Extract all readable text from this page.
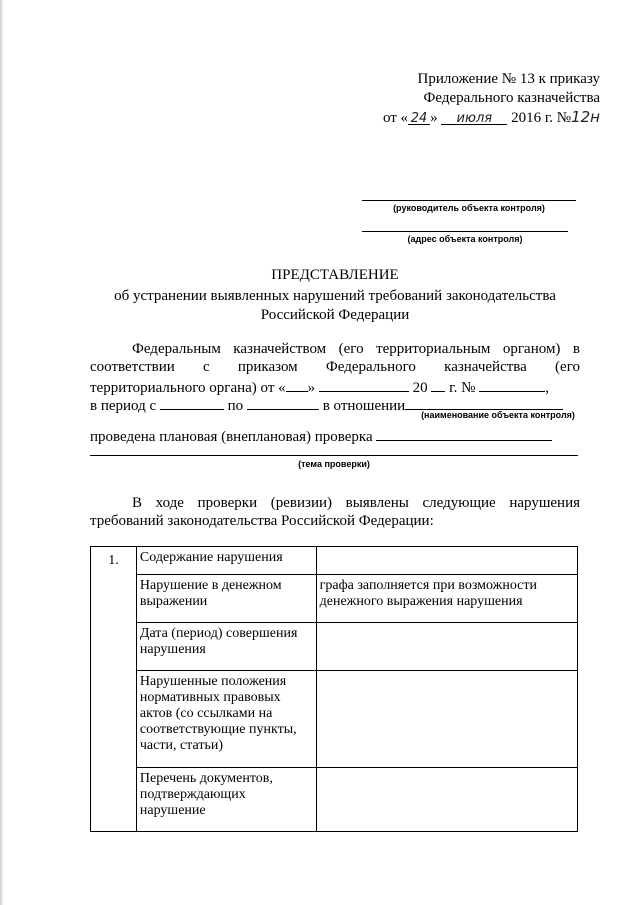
Приложение № 13 к приказу
Федерального казначейства
от « 24 » июля 2016 г. №12н
(руководитель объекта контроля)
(адрес объекта контроля)
ПРЕДСТАВЛЕНИЕ
об устранении выявленных нарушений требований законодательства
Российской Федерации
Федеральным казначейством (его территориальным органом) в
соответствии с приказом Федерального казначейства (его
территориального органа) от « »	20 г. №	,
в период с	по	в отношении
(наименование объекта контроля)
проведена плановая (внеплановая) проверка
(тема проверки)
В ходе проверки (ревизии) выявлены следующие нарушения
требований законодательства Российской Федерации:
1.	Содержание нарушения	
	Нарушение в денежном выражении	графа заполняется при возможности денежного выражения нарушения
	Дата (период) совершения нарушения	
	Нарушенные положения нормативных правовых актов (со ссылками на соответствующие пункты, части, статьи)	
	Перечень документов, подтверждающих нарушение	
